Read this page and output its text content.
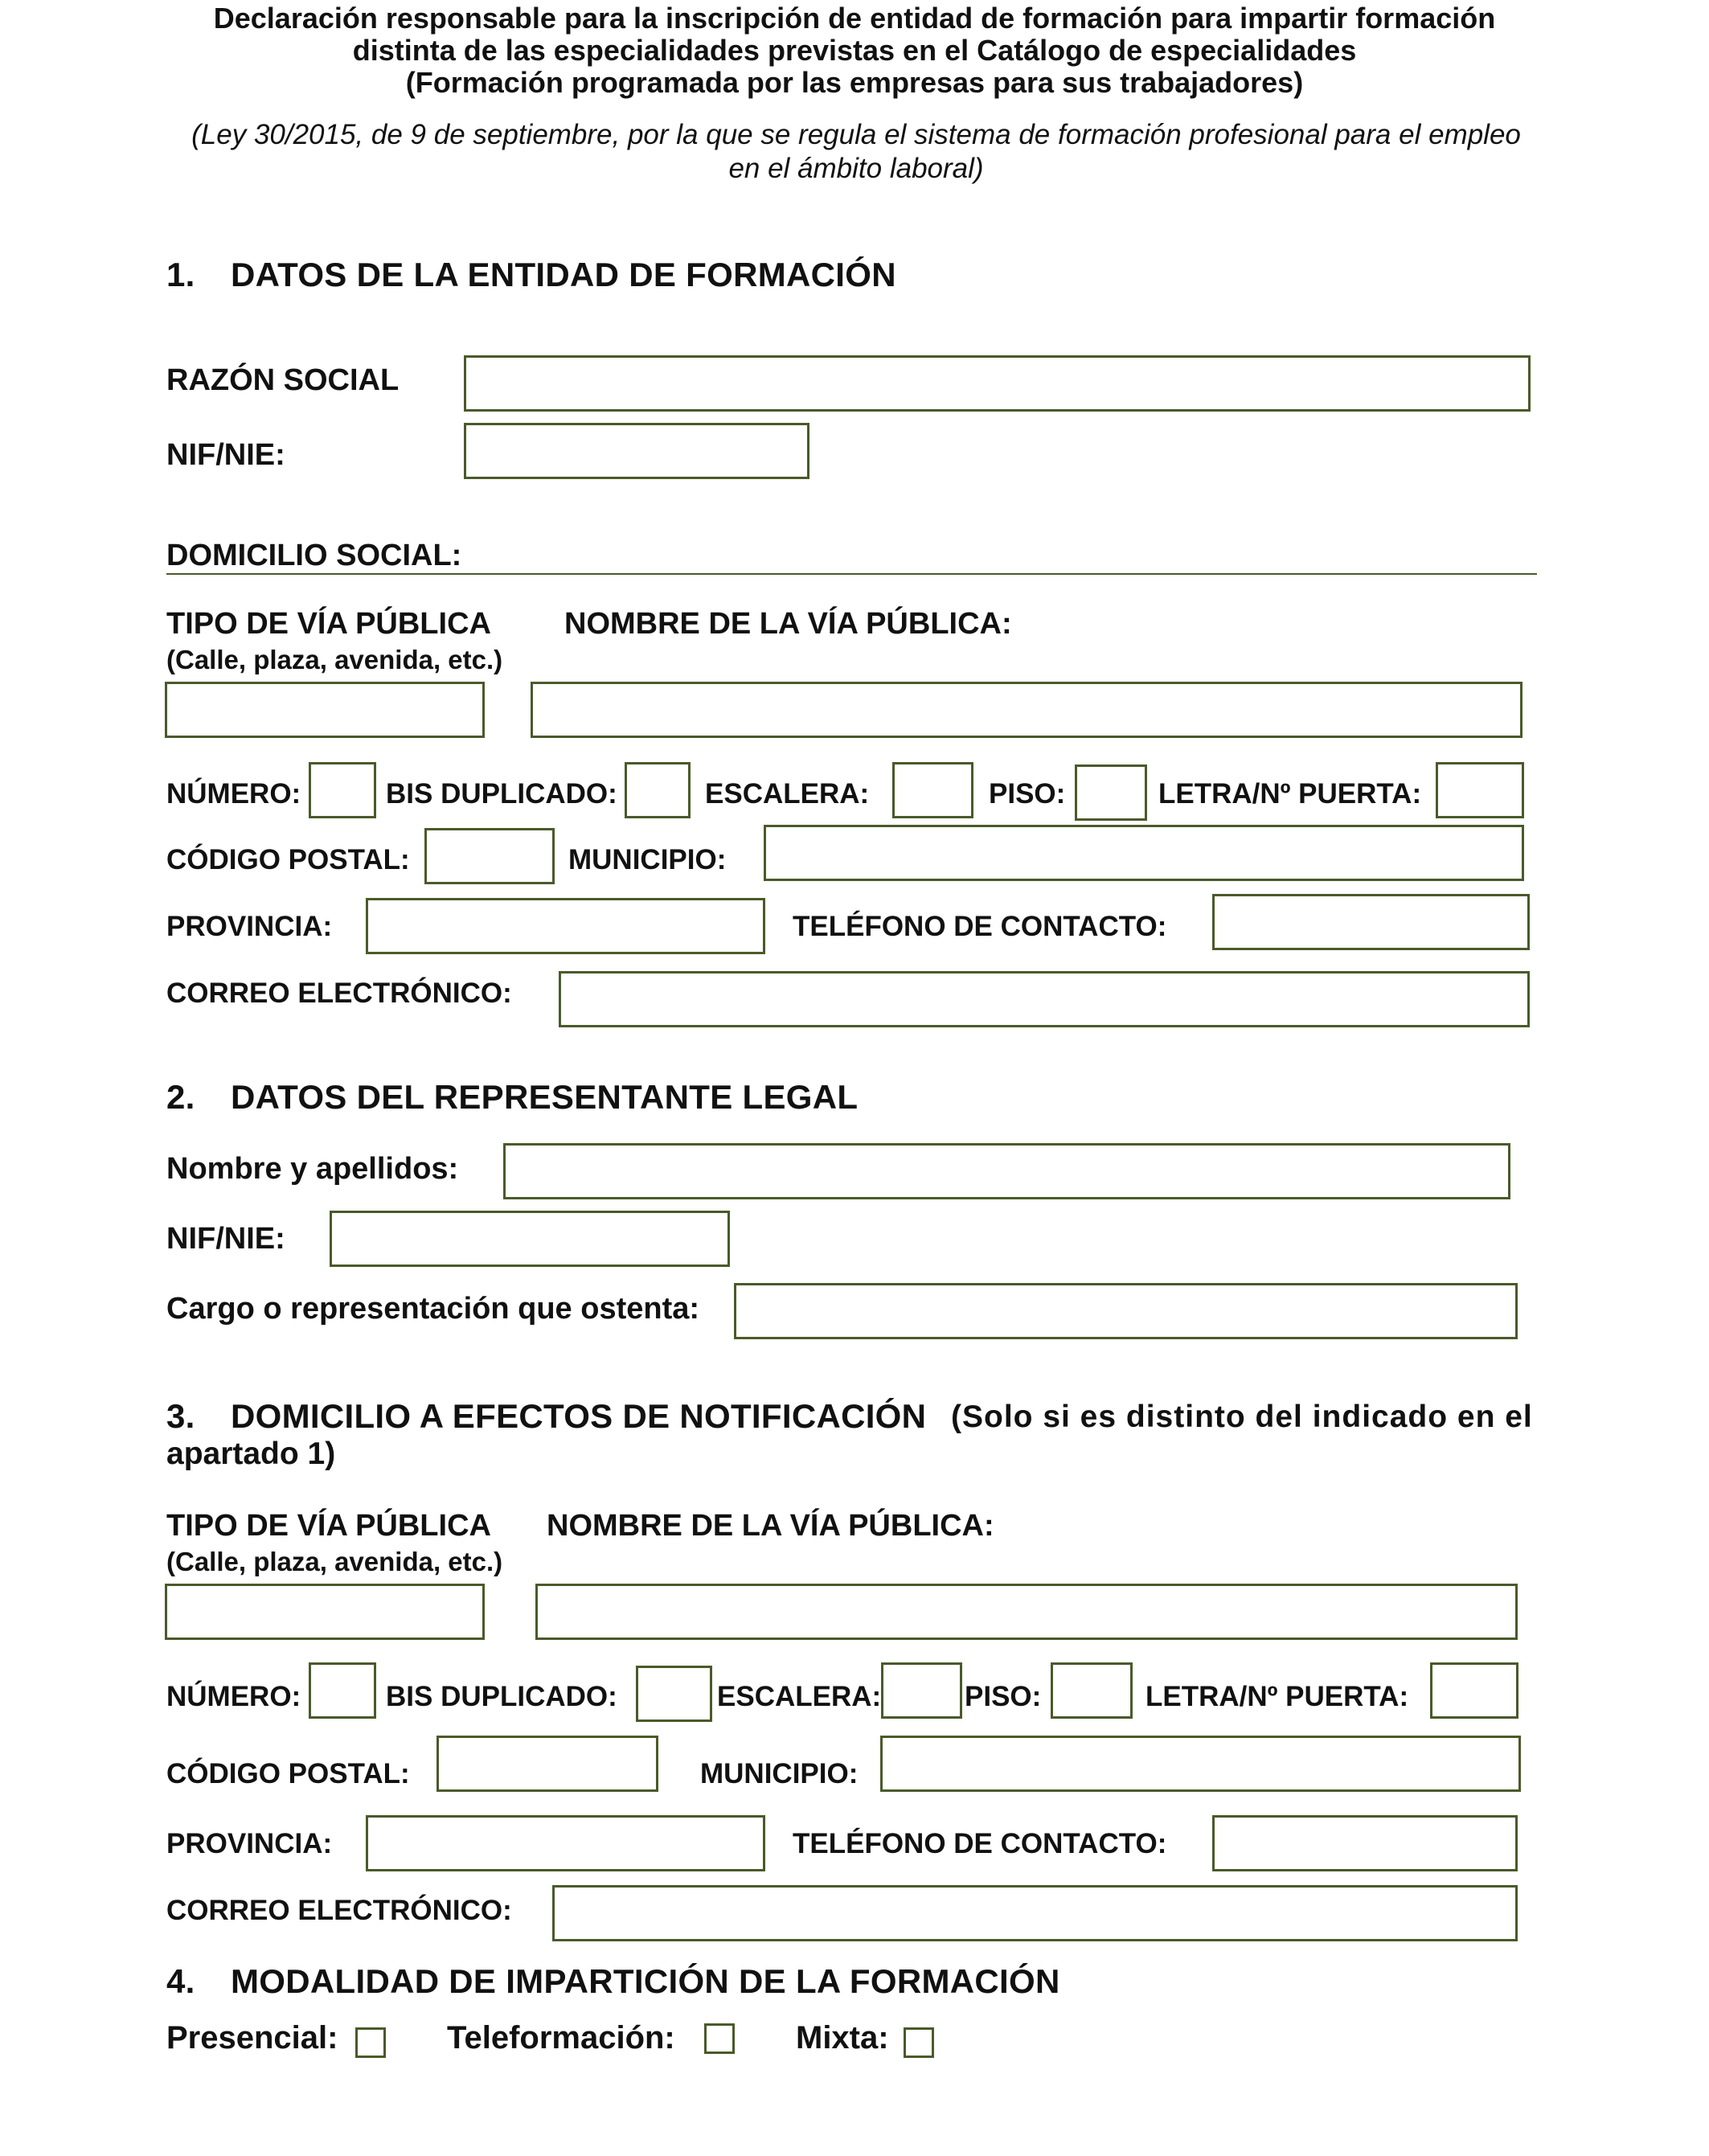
Declaración responsable para la inscripción de entidad de formación para impartir formación
distinta de las especialidades previstas en el Catálogo de especialidades
(Formación programada por las empresas para sus trabajadores)
(Ley 30/2015, de 9 de septiembre, por la que se regula el sistema de formación profesional para el empleo
en el ámbito laboral)
1. DATOS DE LA ENTIDAD DE FORMACIÓN
RAZÓN SOCIAL
NIF/NIE:
DOMICILIO SOCIAL:
TIPO DE VÍA PÚBLICA NOMBRE DE LA VÍA PÚBLICA:
(Calle, plaza, avenida, etc.)
NÚMERO:	BIS DUPLICADO:	ESCALERA:	PISO:	LETRA/Nº PUERTA:
CÓDIGO POSTAL:	MUNICIPIO:
PROVINCIA:	TELÉFONO DE CONTACTO:
CORREO ELECTRÓNICO:
2. DATOS DEL REPRESENTANTE LEGAL
Nombre y apellidos:
NIF/NIE:
Cargo o representación que ostenta:
3. DOMICILIO A EFECTOS DE NOTIFICACIÓN (Solo si es distinto del indicado en el
apartado 1)
TIPO DE VÍA PÚBLICA NOMBRE DE LA VÍA PÚBLICA:
(Calle, plaza, avenida, etc.)
NÚMERO:	BIS DUPLICADO:	ESCALERA:	PISO:	LETRA/Nº PUERTA:
CÓDIGO POSTAL:	MUNICIPIO:
PROVINCIA:	TELÉFONO DE CONTACTO:
CORREO ELECTRÓNICO:
4. MODALIDAD DE IMPARTICIÓN DE LA FORMACIÓN
Presencial:	Teleformación:	Mixta:
